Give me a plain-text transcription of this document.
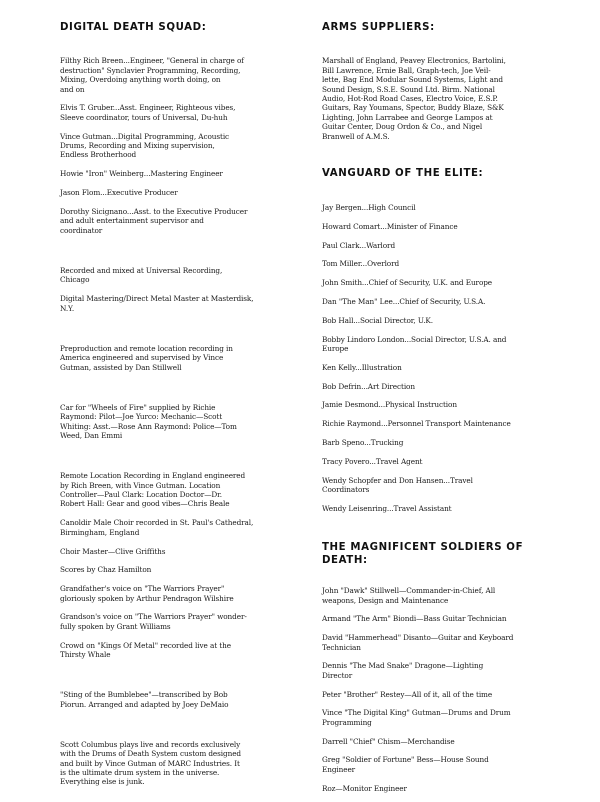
DIGITAL DEATH SQUAD:

Filthy Rich Breen...Engineer, "General in charge of
destruction" Synclavier Programming, Recording,
Mixing, Overdoing anything worth doing, on
and on

Elvis T. Gruber...Asst. Engineer, Righteous vibes,
Sleeve coordinator, tours of Universal, Du-huh

Vince Gutman...Digital Programming, Acoustic
Drums, Recording and Mixing supervision,
Endless Brotherhood

Howie "Iron" Weinberg...Mastering Engineer

Jason Flom...Executive Producer

Dorothy Sicignano...Asst. to the Executive Producer
and adult entertainment supervisor and
coordinator

Recorded and mixed at Universal Recording,
Chicago

Digital Mastering/Direct Metal Master at Masterdisk,
N.Y.

Preproduction and remote location recording in
America engineered and supervised by Vince
Gutman, assisted by Dan Stillwell

Car for "Wheels of Fire" supplied by Richie
Raymond: Pilot—Joe Yurco: Mechanic—Scott
Whiting: Asst.—Rose Ann Raymond: Police—Tom
Weed, Dan Emmi

Remote Location Recording in England engineered
by Rich Breen, with Vince Gutman. Location
Controller—Paul Clark: Location Doctor—Dr.
Robert Hall: Gear and good vibes—Chris Beale

Canoldir Male Choir recorded in St. Paul's Cathedral,
Birmingham, England

Choir Master—Clive Griffiths

Scores by Chaz Hamilton

Grandfather's voice on "The Warriors Prayer"
gloriously spoken by Arthur Pendragon Wilshire

Grandson's voice on "The Warriors Prayer" wonder-
fully spoken by Grant Williams

Crowd on "Kings Of Metal" recorded live at the
Thirsty Whale

"Sting of the Bumblebee"—transcribed by Bob
Piorun. Arranged and adapted by Joey DeMaio

Scott Columbus plays live and records exclusively
with the Drums of Death System custom designed
and built by Vince Gutman of MARC Industries. It
is the ultimate drum system in the universe.
Everything else is junk.

ARMS SUPPLIERS:

Marshall of England, Peavey Electronics, Bartolini,
Bill Lawrence, Ernie Ball, Graph-tech, Joe Veil-
lette, Bag End Modular Sound Systems, Light and
Sound Design, S.S.E. Sound Ltd. Birm. National
Audio, Hot-Rod Road Cases, Electro Voice, E.S.P.
Guitars, Ray Youmans, Spector, Buddy Blaze, S&K
Lighting, John Larrabee and George Lampos at
Guitar Center, Doug Ordon & Co., and Nigel
Branwell of A.M.S.

VANGUARD OF THE ELITE:

Jay Bergen...High Council

Howard Comart...Minister of Finance

Paul Clark...Warlord

Tom Miller...Overlord

John Smith...Chief of Security, U.K. and Europe

Dan "The Man" Lee...Chief of Security, U.S.A.

Bob Hall...Social Director, U.K.

Bobby Lindoro London...Social Director, U.S.A. and
Europe

Ken Kelly...Illustration

Bob Defrin...Art Direction

Jamie Desmond...Physical Instruction

Richie Raymond...Personnel Transport Maintenance

Barb Speno...Trucking

Tracy Povero...Travel Agent

Wendy Schopfer and Don Hansen...Travel
Coordinators

Wendy Leisenring...Travel Assistant

THE MAGNIFICENT SOLDIERS OF
DEATH:

John "Dawk" Stillwell—Commander-in-Chief, All
weapons, Design and Maintenance

Armand "The Arm" Biondi—Bass Guitar Technician

David "Hammerhead" Disanto—Guitar and Keyboard
Technician

Dennis "The Mad Snake" Dragone—Lighting
Director

Peter "Brother" Restey—All of it, all of the time

Vince "The Digital King" Gutman—Drums and Drum
Programming

Darrell "Chief" Chism—Merchandise

Greg "Soldier of Fortune" Bess—House Sound
Engineer

Roz—Monitor Engineer
